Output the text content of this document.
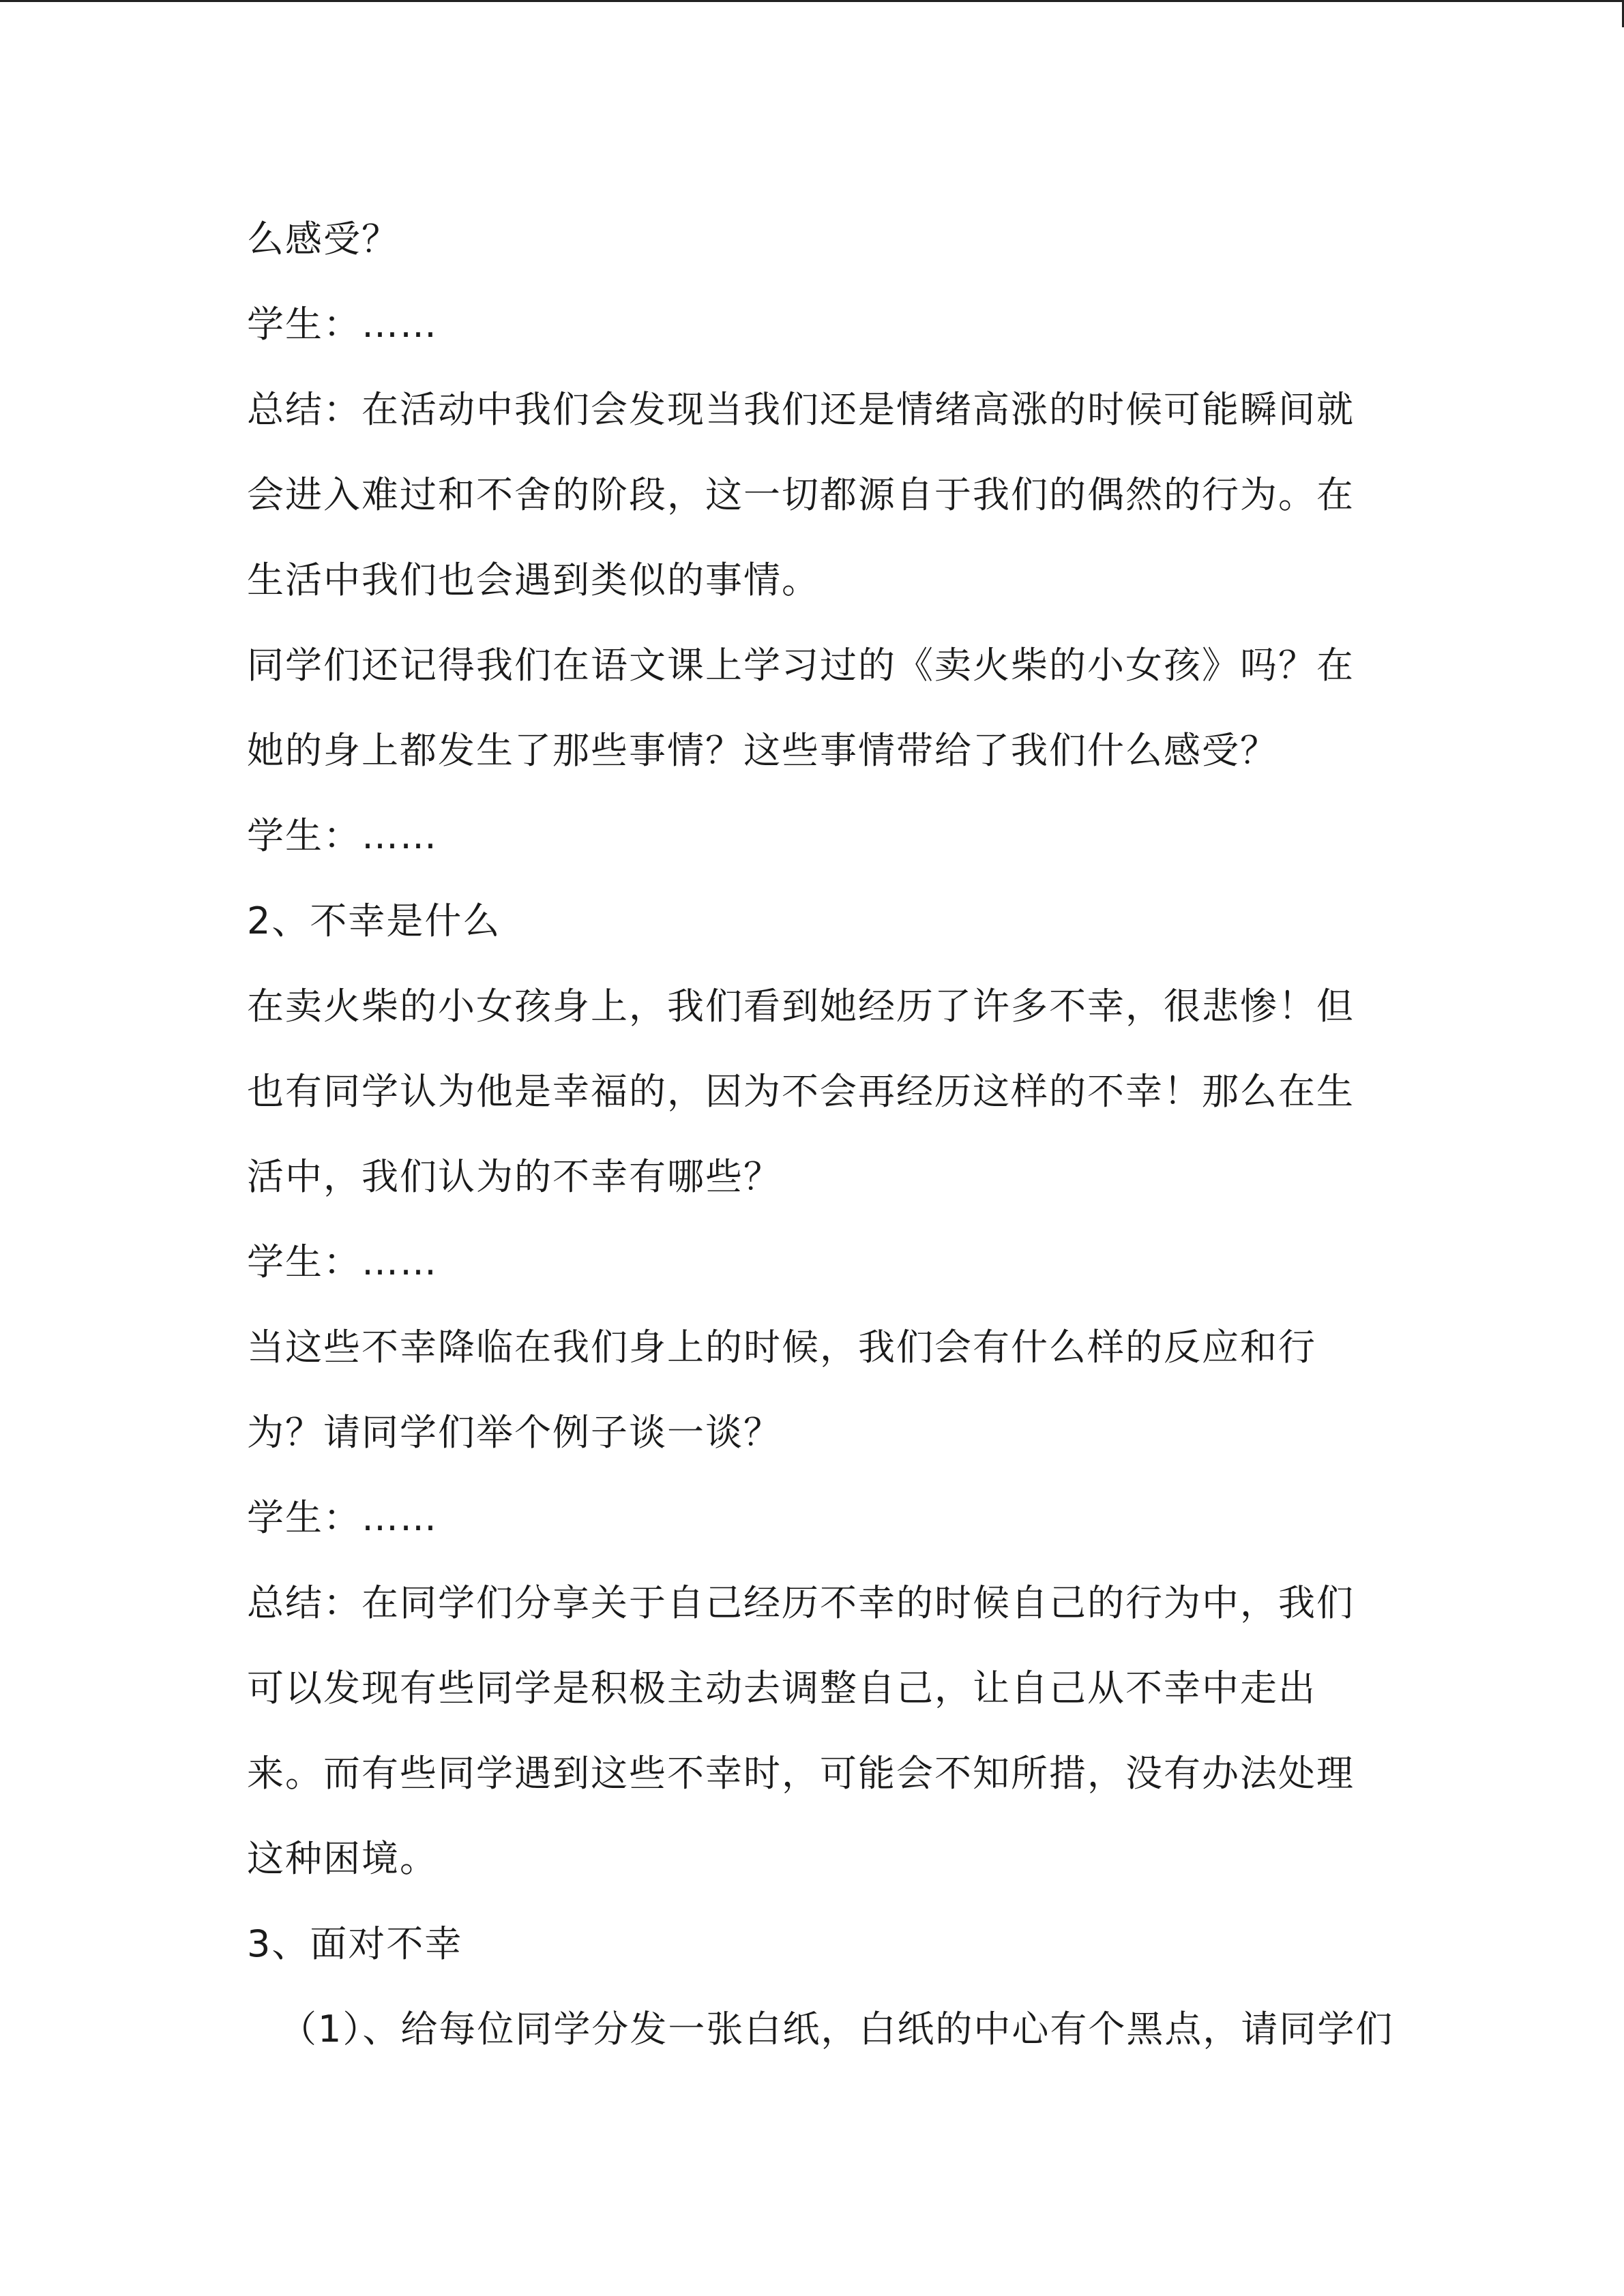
么感受？
学生：……
总结：在活动中我们会发现当我们还是情绪高涨的时候可能瞬间就
会进入难过和不舍的阶段，这一切都源自于我们的偶然的行为。在
生活中我们也会遇到类似的事情。
同学们还记得我们在语文课上学习过的《卖火柴的小女孩》吗？在
她的身上都发生了那些事情？这些事情带给了我们什么感受？
学生：……
2、不幸是什么
在卖火柴的小女孩身上，我们看到她经历了许多不幸，很悲惨！但
也有同学认为他是幸福的，因为不会再经历这样的不幸！那么在生
活中，我们认为的不幸有哪些？
学生：……
当这些不幸降临在我们身上的时候，我们会有什么样的反应和行
为？请同学们举个例子谈一谈？
学生：……
总结：在同学们分享关于自己经历不幸的时候自己的行为中，我们
可以发现有些同学是积极主动去调整自己，让自己从不幸中走出
来。而有些同学遇到这些不幸时，可能会不知所措，没有办法处理
这种困境。
3、面对不幸
（1）、给每位同学分发一张白纸，白纸的中心有个黑点，请同学们
